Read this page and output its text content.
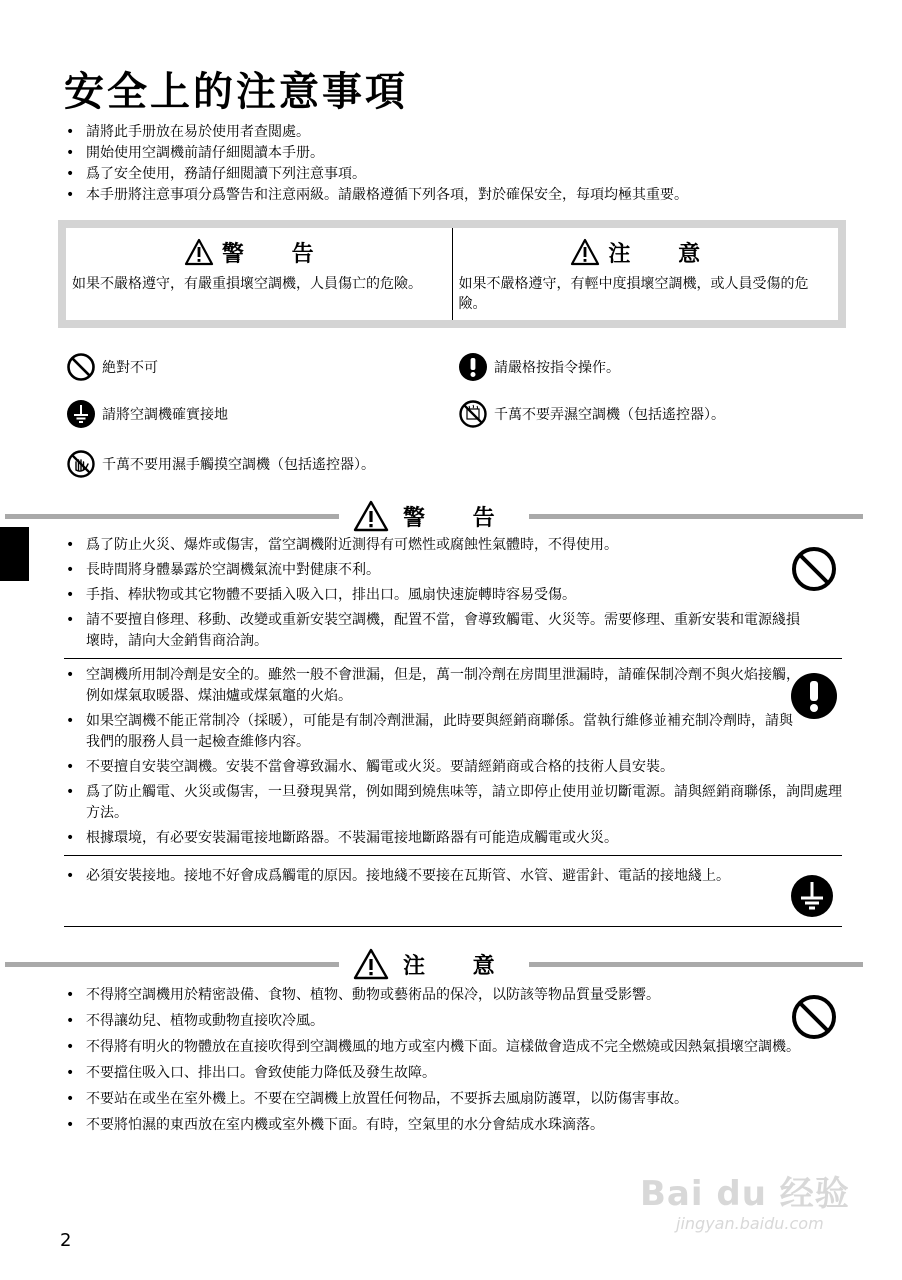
安全上的注意事項
• 請將此手册放在易於使用者查閲處。
• 開始使用空調機前請仔細閲讀本手册。
• 爲了安全使用，務請仔細閲讀下列注意事項。
• 本手册將注意事項分爲警告和注意兩級。請嚴格遵循下列各項，對於確保安全，每項均極其重要。
警 告
如果不嚴格遵守，有嚴重損壞空調機，人員傷亡的危險。
注 意
如果不嚴格遵守，有輕中度損壞空調機，或人員受傷的危險。
絶對不可	請嚴格按指令操作。
請將空調機確實接地	千萬不要弄濕空調機（包括遙控器）。
千萬不要用濕手觸摸空調機（包括遙控器）。
警 告
• 爲了防止火災、爆炸或傷害，當空調機附近測得有可燃性或腐蝕性氣體時，不得使用。
• 長時間將身體暴露於空調機氣流中對健康不利。
• 手指、棒狀物或其它物體不要插入吸入口，排出口。風扇快速旋轉時容易受傷。
• 請不要擅自修理、移動、改變或重新安裝空調機，配置不當，會導致觸電、火災等。需要修理、重新安裝和電源綫損壞時，請向大金銷售商洽詢。
• 空調機所用制冷劑是安全的。雖然一般不會泄漏，但是，萬一制冷劑在房間里泄漏時，請確保制冷劑不與火焰接觸，例如煤氣取暖器、煤油爐或煤氣竈的火焰。
• 如果空調機不能正常制冷（採暖），可能是有制冷劑泄漏，此時要與經銷商聯係。當執行維修並補充制冷劑時，請與我們的服務人員一起檢查維修内容。
• 不要擅自安裝空調機。安裝不當會導致漏水、觸電或火災。要請經銷商或合格的技術人員安裝。
• 爲了防止觸電、火災或傷害，一旦發現異常，例如聞到燒焦味等，請立即停止使用並切斷電源。請與經銷商聯係，詢問處理方法。
• 根據環境，有必要安裝漏電接地斷路器。不裝漏電接地斷路器有可能造成觸電或火災。
• 必須安裝接地。接地不好會成爲觸電的原因。接地綫不要接在瓦斯管、水管、避雷針、電話的接地綫上。
注 意
• 不得將空調機用於精密設備、食物、植物、動物或藝術品的保冷，以防該等物品質量受影響。
• 不得讓幼兒、植物或動物直接吹冷風。
• 不得將有明火的物體放在直接吹得到空調機風的地方或室内機下面。這樣做會造成不完全燃燒或因熱氣損壞空調機。
• 不要擋住吸入口、排出口。會致使能力降低及發生故障。
• 不要站在或坐在室外機上。不要在空調機上放置任何物品，不要拆去風扇防護罩，以防傷害事故。
• 不要將怕濕的東西放在室内機或室外機下面。有時，空氣里的水分會結成水珠滴落。
2
Bai du 经验
jingyan.baidu.com
